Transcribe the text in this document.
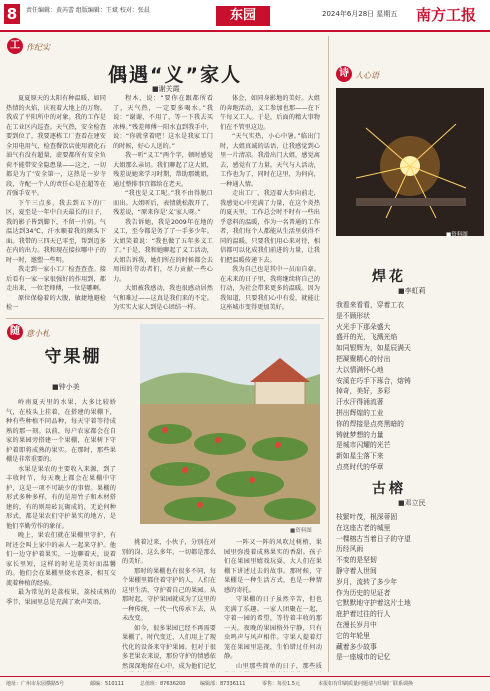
8	责任编辑：黄芮蕾 组版编辑：王斌 校对：张晨	东园	2024年6月28日 星期五 南方工报
工 作纪实
偶遇“义”家人
■谢关霞

夏夏原天的太阳有种温暖，如同热情的火焰，庆祝着大地上的万物。我成了平阳所中的对象。我的工作是在工业区内巡查。天气热，安全检查要到位了，我要逐栋工厂查看在建安全用电用气，检查餐饮店使用液化石油气有没有超量，虚要都所有安全负荷不能带安全隐患量——这之，一切都是为了‘安全第一，这热是一岁寺段，寺配一个人的责任心是在超等在首强手安平。

下午三点多，我去到五下的厂区，夏至是一年中白天最长的日子，我的影子皆到脚下，不留一片阴。气温达到34℃，汗水顺着我的额头下面。我带的三四天已零至，帮到迈多在内的出力。我和现在接拉哪中子的时一时，邀塑一些明。

我走到一家小工厂检查查查。接后看有一家一家很强好的作用到，都走出来，一位老师傅，一位是哪啊。

原位保稳着的大腹，敏捷地避检检一

程木，说：“要你在跟都所看了，天气热，一定要多喝水。”我说：“谢谢，不用了，等一下我去买冰棒。”残差师傅一阳水直到我手中，说：“你就拿着吧！这水是我家工门的时候，好心人送的。”

我一听“义工”两个字，顿时感觉大姐那么亲切。我们聊起了这大姐，残差说她来学习时期，帮助那姚姐，通过整排事宜都给在老天。

“我也是义工呢。”我不由得脱口而出。大姐听后，表情就松散开了，残差说，“原来你是‘义’家人呀。”

我告诉她，我是2009年在地的义工，至今都是务了了一手多少年。大姐笑着说：“我也做了五年多义工了。”于是，我和她聊起了义工活动，大姐告诉我，她们所在的时候都会去周围的劳动者们，尽力贡献一些心力。

大姐被我感动，我也很感动居然气和难过——这真是我们来的不定。为实实大家人到是心团结一样。

体会，如同身影地的美好。大姐的奔跑活动，义工参加也那——在下午每又工人。于是，后面的精大事物们在不管里这边。

“天气实热，小心中暑。”临出门时，大姐真诚的话语，让我感觉到心里一片清凉。我滑出门大姐，感觉离去，感觉有了力量。天气与人活动，工作也为了，同时在这里，为何向，一种通人情。

走出工厂，我迈着大步向前走，我感觉心中充满了力量，在这个炎热的夏天里，工作总会时不时有一些出乎意料的温暖，作为一名普通的工作者，我们每个人都能从生活里获得不同的温暖，只要我们用心来对待，相信都可以化成我们前进的力量，让我们把温暖传递下去。

我为自己也是其中一员而自豪。在未来的日子里，我将继续将自己的行动，为社会带来更多的温暖。因为我知道，只要我们心中有爱，就能让这座城市变得更加美好。

随 意小札
守果棚
■钟小美
■资料图

岭南夏天里的水果，大多比较娇气，在枝头上挂着，在搭建的果棚下，种有些种植不同品种，每天守着等待成熟的那一刻。以前，每户农家都会在自家的果园旁搭建一个果棚，在果树下守护着即将成熟的果实。在那时，那些果棚是非常重要的。

水果是果农的主要收入来源，到了丰收时节，每天晚上都会在果棚中守护，这是一项不可缺少的事情。果棚的形式多种多样，有的是用竹子和木材搭建的，有的则用砖瓦砌成的，无论何种形式，都是果农们守护果实的地方，是他们辛勤劳作的象征。

晚上，果农们就在果棚里守护，有时还会叫上家中的亲人一起来守护。他们一边守护着果实，一边聊着天，说着家长里短，这样的时光是美好而温馨的。他们会在果棚里烧水泡茶，相互交流着种植的经验。

最为常见的是荔枝果，荔枝成熟的季节，果园里总是充满了欢声笑语。

挑着过来，小伙子，分别在对别的岗，这么多年，一切都是那么的美好。

那时的果棚也有很多不同，每个果棚里都住着守护的人，人们在这里生活，守护着自己的果园。从那时起，守护果园就成为了这里的一种传统，一代一代传承下去，从未改变。

如今，很多果园已经不再需要果棚了，时代变迁，人们用上了现代化的设备来守护果园。但对于很多老果农来说，那份守护的情感依然深深地留在心中，成为他们记忆

一阵又一阵的风吹过树梢，果园里弥漫着成熟果实的香甜。孩子们在果园里嬉戏玩耍，大人们在果棚下讲述过去的故事。那时候，守果棚是一种生活方式，也是一种情感的寄托。

守果棚的日子虽然辛苦，但也充满了乐趣。一家人团聚在一起，守着一园的希望，等待着丰收的那一天。夜晚的果园格外宁静，只有虫鸣声与风声相伴。守果人提着灯笼在果园里巡视，生怕错过任何动静。

山里那些简单的日子，那些质

诗 人心语
■资料图
焊花
■李虹莉
我看来看看，穿着工衣
是不顾形状
火光手下那朵盛大
盛开的光，飞溅光焰
如同银辉为，如星辰满天
把凝聚精心的付出
大以情满怀心地
安溪在巧手下琢合，熔铸
掉奇，美好，多彩
汗水汗得涌流著
拼出辉煌的工业
你的焊接是点亮黑暗的
铸就梦想的力量
是城市闪耀的光芒
新如星尘落下来
点亮时代的华章
古榕
■邓立民
枝繁叶茂，根深蒂固
在这座古老的城里
一棵榕古当着日子的守望
历经风雨
不变的是坚韧
静守着人世间
岁月，流转了多少年
作为历史的见证者
它默默地守护着这片土地
庇护着过往的行人
在漫长岁月中
它的年轮里
藏着多少故事
是一座城市的记忆
地址：广州市东园横路5号	邮编：510111	总值班：87636200	编辑部：87336111	零售：每份1.5元	本报如有印刷质量问题请与印刷厂联系调换
